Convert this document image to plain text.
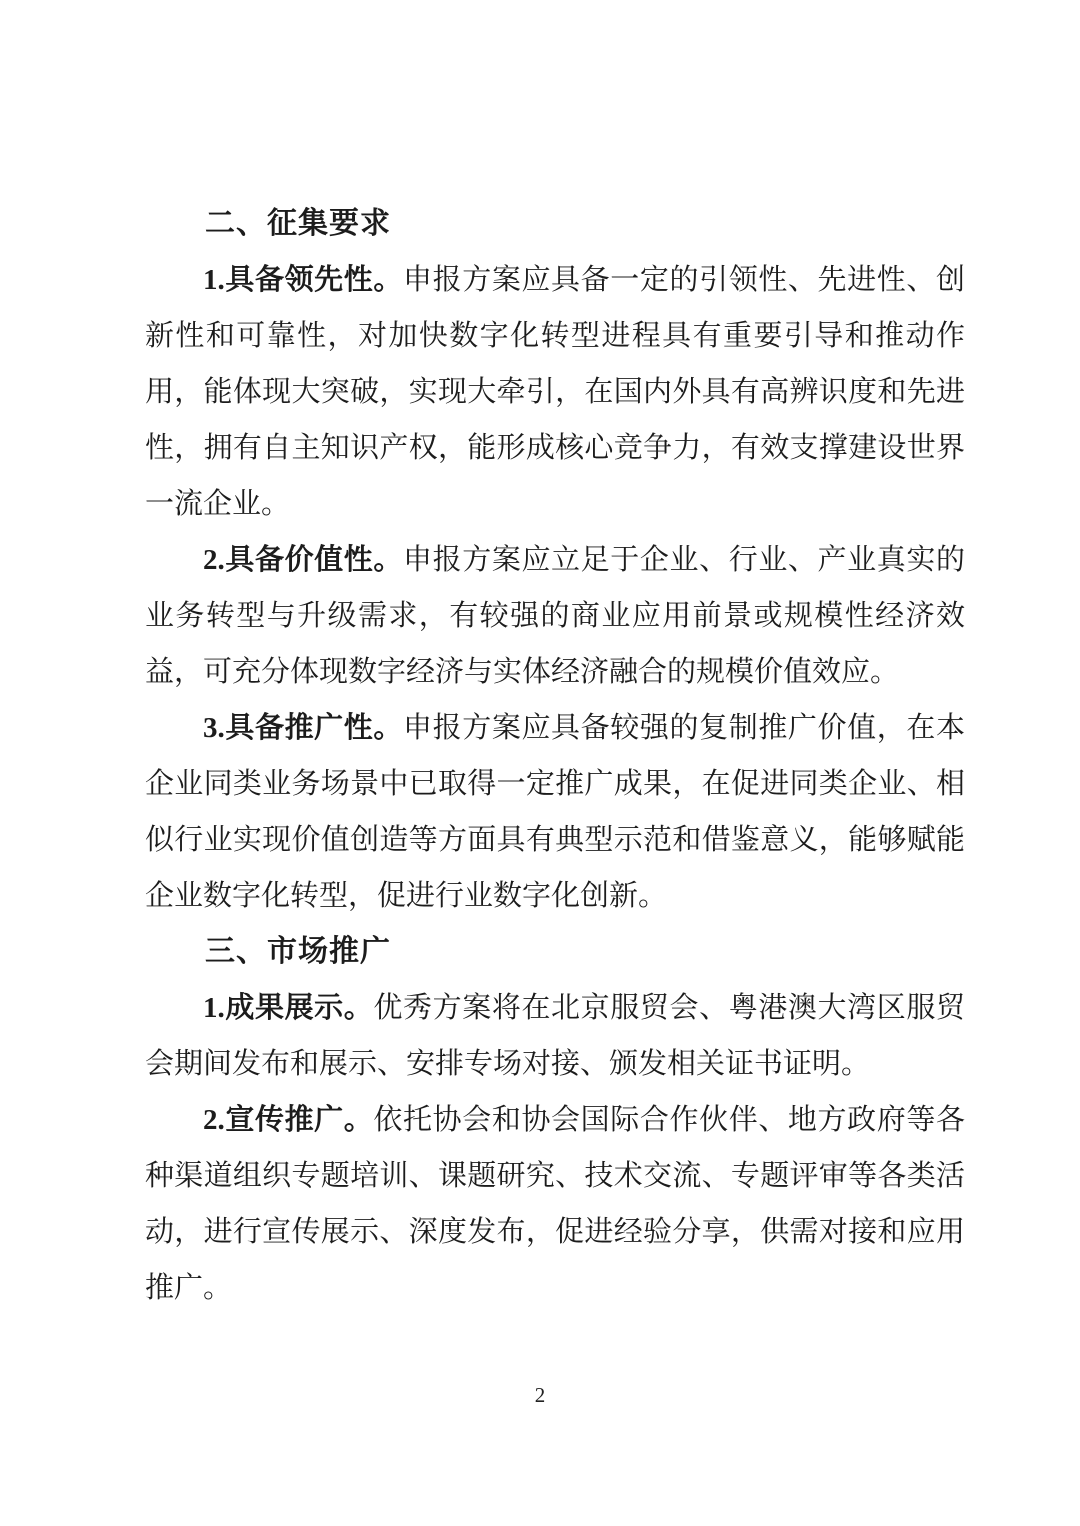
二、征集要求

1.具备领先性。申报方案应具备一定的引领性、先进性、创新性和可靠性，对加快数字化转型进程具有重要引导和推动作用，能体现大突破，实现大牵引，在国内外具有高辨识度和先进性，拥有自主知识产权，能形成核心竞争力，有效支撑建设世界一流企业。

2.具备价值性。申报方案应立足于企业、行业、产业真实的业务转型与升级需求，有较强的商业应用前景或规模性经济效益，可充分体现数字经济与实体经济融合的规模价值效应。

3.具备推广性。申报方案应具备较强的复制推广价值，在本企业同类业务场景中已取得一定推广成果，在促进同类企业、相似行业实现价值创造等方面具有典型示范和借鉴意义，能够赋能企业数字化转型，促进行业数字化创新。

三、市场推广

1.成果展示。优秀方案将在北京服贸会、粤港澳大湾区服贸会期间发布和展示、安排专场对接、颁发相关证书证明。

2.宣传推广。依托协会和协会国际合作伙伴、地方政府等各种渠道组织专题培训、课题研究、技术交流、专题评审等各类活动，进行宣传展示、深度发布，促进经验分享，供需对接和应用推广。

2
